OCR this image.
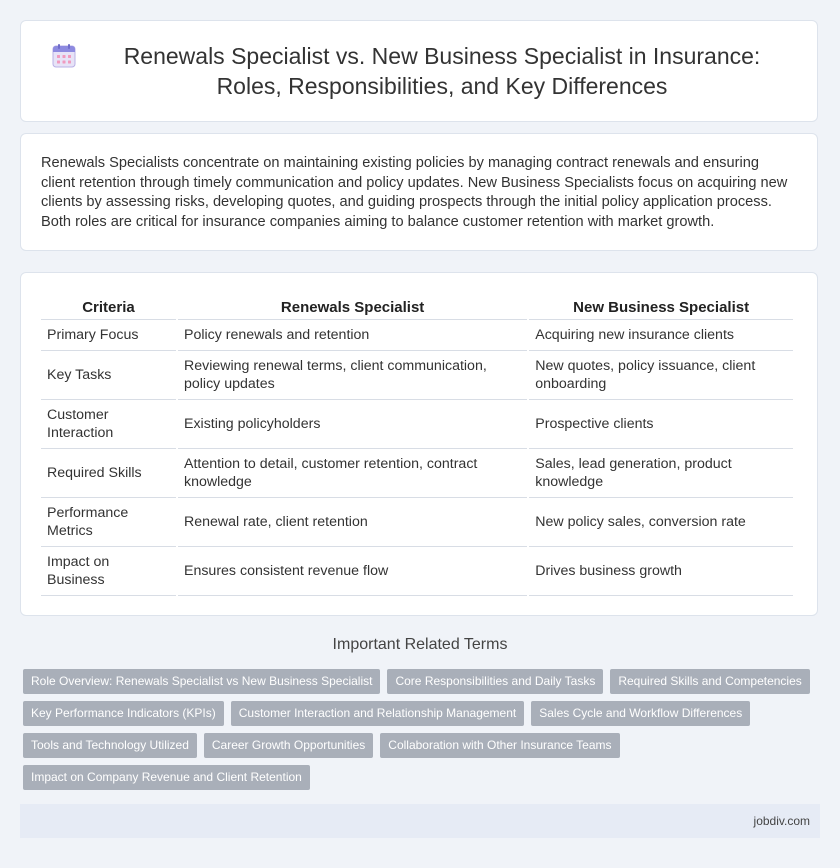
Renewals Specialist vs. New Business Specialist in Insurance: Roles, Responsibilities, and Key Differences

Renewals Specialists concentrate on maintaining existing policies by managing contract renewals and ensuring client retention through timely communication and policy updates. New Business Specialists focus on acquiring new clients by assessing risks, developing quotes, and guiding prospects through the initial policy application process. Both roles are critical for insurance companies aiming to balance customer retention with market growth.

Criteria	Renewals Specialist	New Business Specialist
Primary Focus	Policy renewals and retention	Acquiring new insurance clients
Key Tasks	Reviewing renewal terms, client communication, policy updates	New quotes, policy issuance, client onboarding
Customer Interaction	Existing policyholders	Prospective clients
Required Skills	Attention to detail, customer retention, contract knowledge	Sales, lead generation, product knowledge
Performance Metrics	Renewal rate, client retention	New policy sales, conversion rate
Impact on Business	Ensures consistent revenue flow	Drives business growth
Important Related Terms
Role Overview: Renewals Specialist vs New Business Specialist	Core Responsibilities and Daily Tasks	Required Skills and Competencies
Key Performance Indicators (KPIs)	Customer Interaction and Relationship Management	Sales Cycle and Workflow Differences
Tools and Technology Utilized	Career Growth Opportunities	Collaboration with Other Insurance Teams
Impact on Company Revenue and Client Retention
jobdiv.com
